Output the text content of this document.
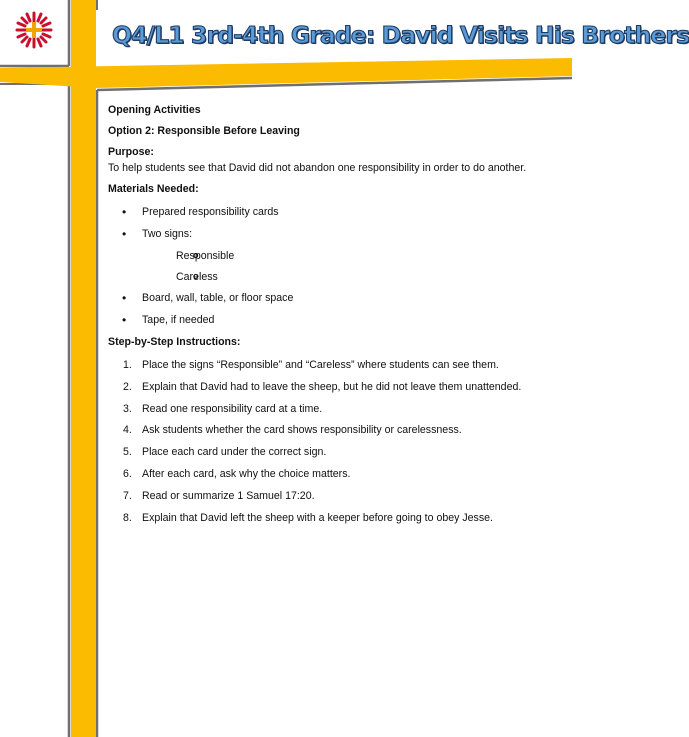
Q4/L1 3rd-4th Grade: David Visits His Brothers
Opening Activities
Option 2: Responsible Before Leaving
Purpose:
To help students see that David did not abandon one responsibility in order to do another.
Materials Needed:
• Prepared responsibility cards
• Two signs:
o Responsible
o Careless
• Board, wall, table, or floor space
• Tape, if needed
Step-by-Step Instructions:
1. Place the signs “Responsible” and “Careless” where students can see them.
2. Explain that David had to leave the sheep, but he did not leave them unattended.
3. Read one responsibility card at a time.
4. Ask students whether the card shows responsibility or carelessness.
5. Place each card under the correct sign.
6. After each card, ask why the choice matters.
7. Read or summarize 1 Samuel 17:20.
8. Explain that David left the sheep with a keeper before going to obey Jesse.
